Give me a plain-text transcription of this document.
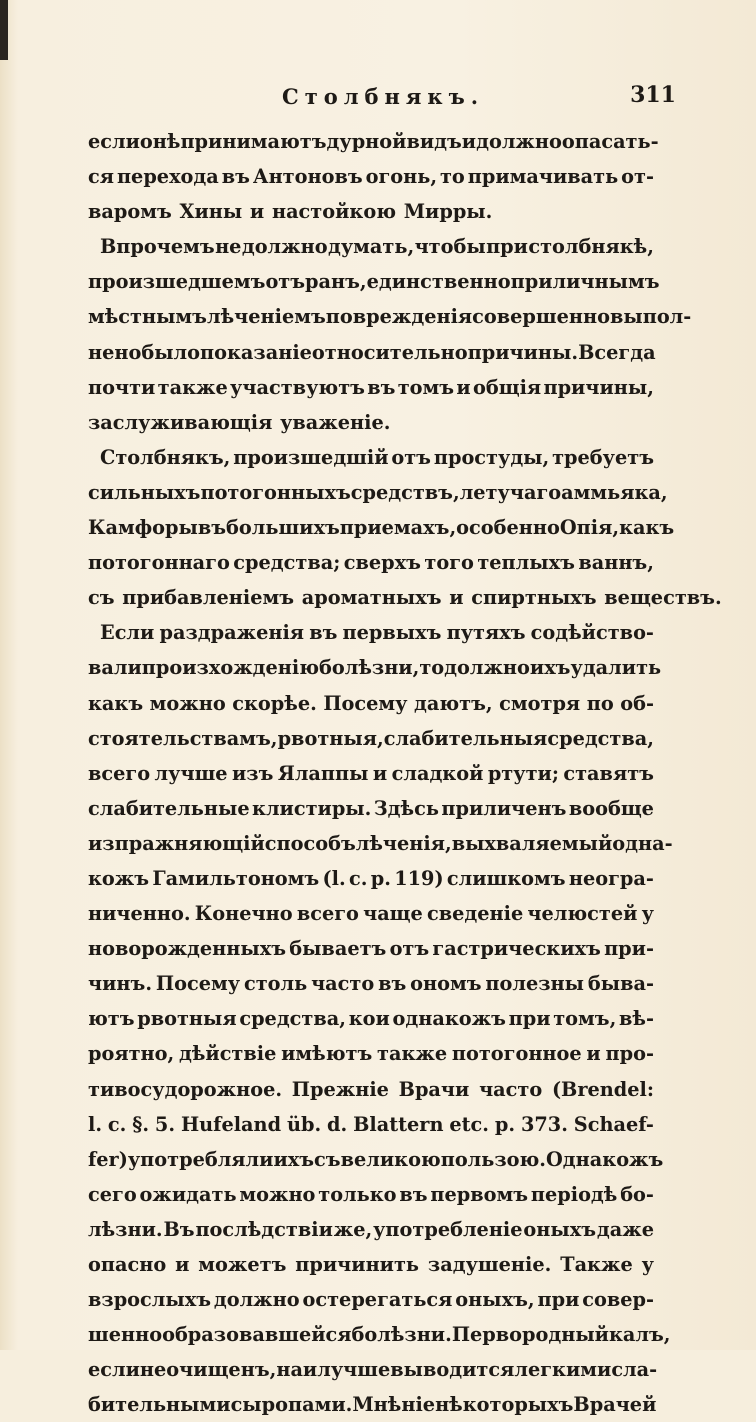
Столбнякъ.	311
если онѣ принимаютъ дурной видъ и должно опасать-
ся перехода въ Антоновъ огонь, то примачивать от-
варомъ Хины и настойкою Мирры.
Впрочемъ не должно думать, чтобы при столбнякѣ,
произшедшемъ отъ ранъ, единственно приличнымъ
мѣстнымъ лѣченіемъ поврежденія совершенно выпол-
нено было показаніе относительно причины. Всегда
почти также участвуютъ въ томъ и общія причины,
заслуживающія уваженіе.
Столбнякъ, произшедшій отъ простуды, требуетъ
сильныхъ потогонныхъ средствъ, летучаго аммьяка,
Камфоры въ большихъ приемахъ, особенно Опія, какъ
потогоннаго средства; сверхъ того теплыхъ ваннъ,
съ прибавленіемъ ароматныхъ и спиртныхъ веществъ.
Если раздраженія въ первыхъ путяхъ содѣйство-
вали произхожденію болѣзни, то должно ихъ удалить
какъ можно скорѣе. Посему даютъ, смотря по об-
стоятельствамъ, рвотныя, слабительныя средства,
всего лучше изъ Ялаппы и сладкой ртути; ставятъ
слабительные клистиры. Здѣсь приличенъ вообще
изпражняющій способъ лѣченія, выхваляемый одна-
кожъ Гамильтономъ (l. c. p. 119) слишкомъ неогра-
ниченно. Конечно всего чаще сведеніе челюстей у
новорожденныхъ бываетъ отъ гастрическихъ при-
чинъ. Посему столь часто въ ономъ полезны быва-
ютъ рвотныя средства, кои однакожъ при томъ, вѣ-
роятно, дѣйствіе имѣютъ также потогонное и про-
тивосудорожное. Прежніе Врачи часто (Brendel:
l. c. §. 5. Hufeland üb. d. Blattern etc. p. 373. Schaef-
fer) употребляли ихъ съ великою пользою. Однакожъ
сего ожидать можно только въ первомъ періодѣ бо-
лѣзни. Въ послѣдствіи же, употребленіе оныхъ даже
опасно и можетъ причинить задушеніе. Также у
взрослыхъ должно остерегаться оныхъ, при совер-
шенно образовавшейся болѣзни. Первородный калъ,
если не очищенъ, наилучше выводится легкими сла-
бительными сыропами. Мнѣніе нѣкоторыхъ Врачей
